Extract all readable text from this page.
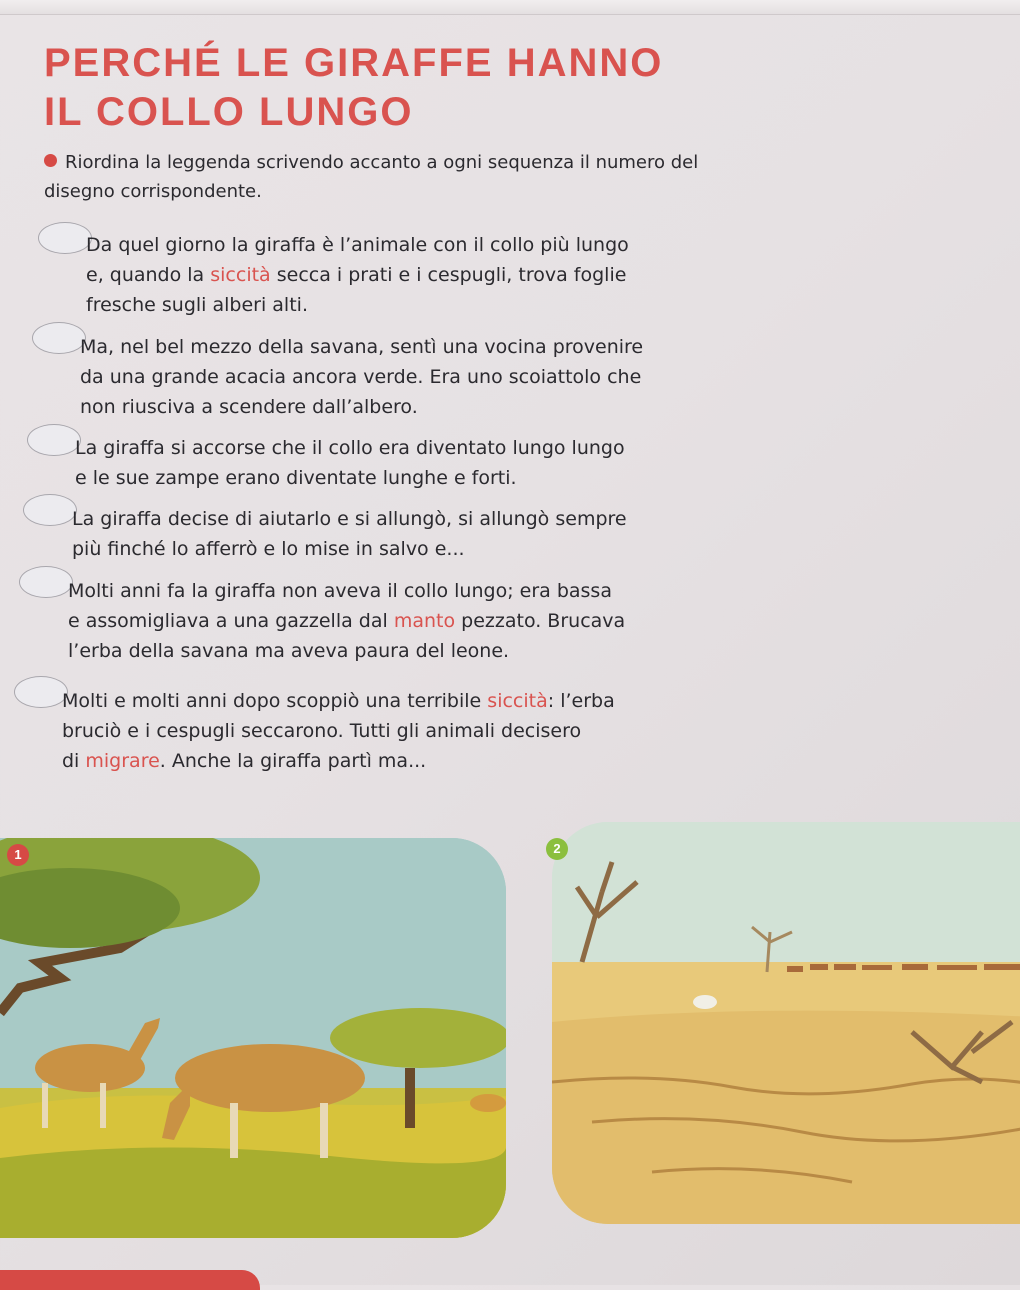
PERCHÉ LE GIRAFFE HANNO
IL COLLO LUNGO

Riordina la leggenda scrivendo accanto a ogni sequenza il numero del disegno corrispondente.

Da quel giorno la giraffa è l’animale con il collo più lungo
e, quando la siccità secca i prati e i cespugli, trova foglie
fresche sugli alberi alti.
Ma, nel bel mezzo della savana, sentì una vocina provenire
da una grande acacia ancora verde. Era uno scoiattolo che
non riusciva a scendere dall’albero.
La giraffa si accorse che il collo era diventato lungo lungo
e le sue zampe erano diventate lunghe e forti.
La giraffa decise di aiutarlo e si allungò, si allungò sempre
più finché lo afferrò e lo mise in salvo e...
Molti anni fa la giraffa non aveva il collo lungo; era bassa
e assomigliava a una gazzella dal manto pezzato. Brucava
l’erba della savana ma aveva paura del leone.
Molti e molti anni dopo scoppiò una terribile siccità: l’erba
bruciò e i cespugli seccarono. Tutti gli animali decisero
di migrare. Anche la giraffa partì ma...
1	2
